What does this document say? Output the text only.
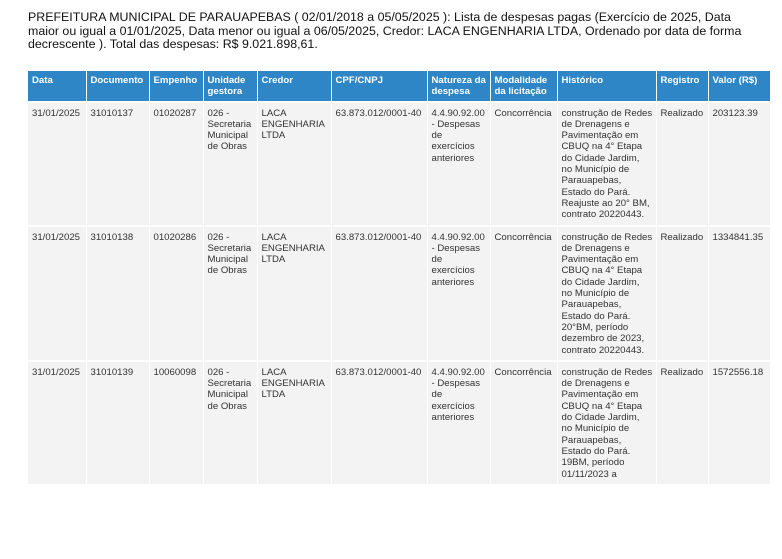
PREFEITURA MUNICIPAL DE PARAUAPEBAS ( 02/01/2018 a 05/05/2025 ): Lista de despesas pagas (Exercício de 2025, Data maior ou igual a 01/01/2025, Data menor ou igual a 06/05/2025, Credor: LACA ENGENHARIA LTDA, Ordenado por data de forma decrescente ). Total das despesas: R$ 9.021.898,61.
Data	Documento	Empenho	Unidade gestora	Credor	CPF/CNPJ	Natureza da despesa	Modalidade da licitação	Histórico	Registro	Valor (R$)
31/01/2025	31010137	01020287	026 - Secretaria Municipal de Obras	LACA ENGENHARIA LTDA	63.873.012/0001-40	4.4.90.92.00 - Despesas de exercícios anteriores	Concorrência	construção de Redes de Drenagens e Pavimentação em CBUQ na 4° Etapa do Cidade Jardim, no Município de Parauapebas, Estado do Pará. Reajuste ao 20° BM, contrato 20220443.	Realizado	203123.39
31/01/2025	31010138	01020286	026 - Secretaria Municipal de Obras	LACA ENGENHARIA LTDA	63.873.012/0001-40	4.4.90.92.00 - Despesas de exercícios anteriores	Concorrência	construção de Redes de Drenagens e Pavimentação em CBUQ na 4° Etapa do Cidade Jardim, no Município de Parauapebas, Estado do Pará. 20°BM, período dezembro de 2023, contrato 20220443.	Realizado	1334841.35
31/01/2025	31010139	10060098	026 - Secretaria Municipal de Obras	LACA ENGENHARIA LTDA	63.873.012/0001-40	4.4.90.92.00 - Despesas de exercícios anteriores	Concorrência	construção de Redes de Drenagens e Pavimentação em CBUQ na 4° Etapa do Cidade Jardim, no Município de Parauapebas, Estado do Pará. 19BM, período 01/11/2023 a	Realizado	1572556.18
